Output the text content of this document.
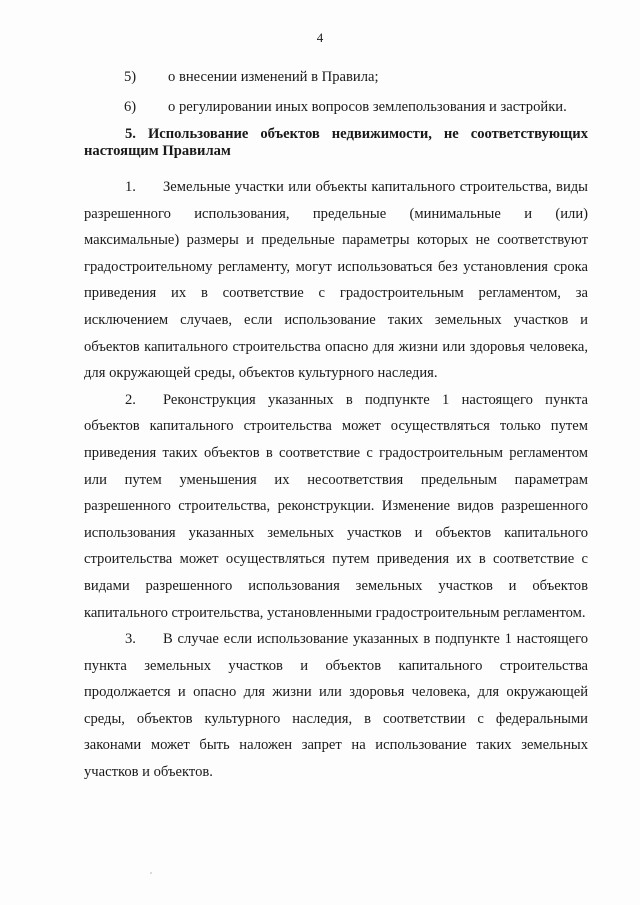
4
5)	о внесении изменений в Правила;
6)	о регулировании иных вопросов землепользования и застройки.
5. Использование объектов недвижимости, не соответствующих настоящим Правилам

1. Земельные участки или объекты капитального строительства, виды разрешенного использования, предельные (минимальные и (или) максимальные) размеры и предельные параметры которых не соответствуют градостроительному регламенту, могут использоваться без установления срока приведения их в соответствие с градостроительным регламентом, за исключением случаев, если использование таких земельных участков и объектов капитального строительства опасно для жизни или здоровья человека, для окружающей среды, объектов культурного наследия.

2. Реконструкция указанных в подпункте 1 настоящего пункта объектов капитального строительства может осуществляться только путем приведения таких объектов в соответствие с градостроительным регламентом или путем уменьшения их несоответствия предельным параметрам разрешенного строительства, реконструкции. Изменение видов разрешенного использования указанных земельных участков и объектов капитального строительства может осуществляться путем приведения их в соответствие с видами разрешенного использования земельных участков и объектов капитального строительства, установленными градостроительным регламентом.

3. В случае если использование указанных в подпункте 1 настоящего пункта земельных участков и объектов капитального строительства продолжается и опасно для жизни или здоровья человека, для окружающей среды, объектов культурного наследия, в соответствии с федеральными законами может быть наложен запрет на использование таких земельных участков и объектов.
